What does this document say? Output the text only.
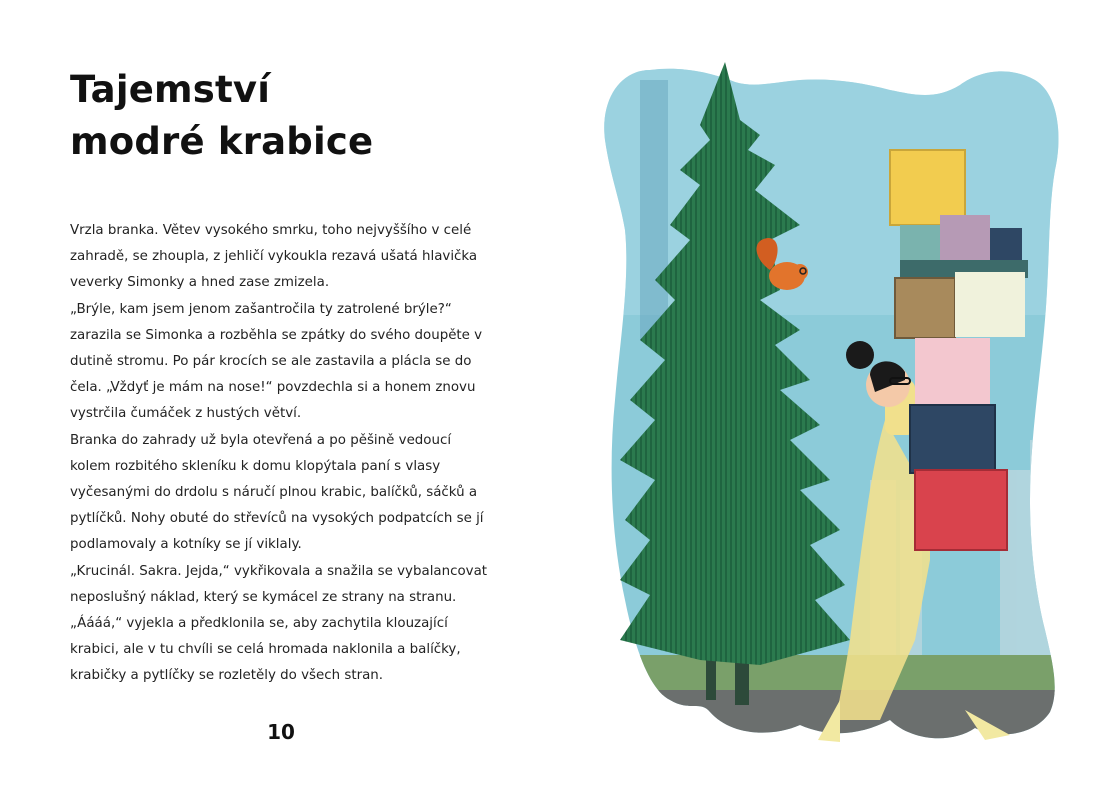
Tajemství
modré krabice

Vrzla branka. Větev vysokého smrku, toho nejvyššího v celé zahradě, se zhoupla, z jehličí vykoukla rezavá ušatá hlavička veverky Simonky a hned zase zmizela.

„Brýle, kam jsem jenom zašantročila ty zatrolené brýle?“ zarazila se Simonka a rozběhla se zpátky do svého doupěte v dutině stromu. Po pár krocích se ale zastavila a plácla se do čela. „Vždyť je mám na nose!“ povzdechla si a honem znovu vystrčila čumáček z hustých větví.

Branka do zahrady už byla otevřená a po pěšině vedoucí kolem rozbitého skleníku k domu klopýtala paní s vlasy vyčesanými do drdolu s náručí plnou krabic, balíčků, sáčků a pytlíčků. Nohy obuté do střevíců na vysokých podpatcích se jí podlamovaly a kotníky se jí viklaly.

„Krucinál. Sakra. Jejda,“ vykřikovala a snažila se vybalancovat neposlušný náklad, který se kymácel ze strany na stranu.

„Áááá,“ vyjekla a předklonila se, aby zachytila klouzající krabici, ale v tu chvíli se celá hromada naklonila a balíčky, krabičky a pytlíčky se rozletěly do všech stran.

10
